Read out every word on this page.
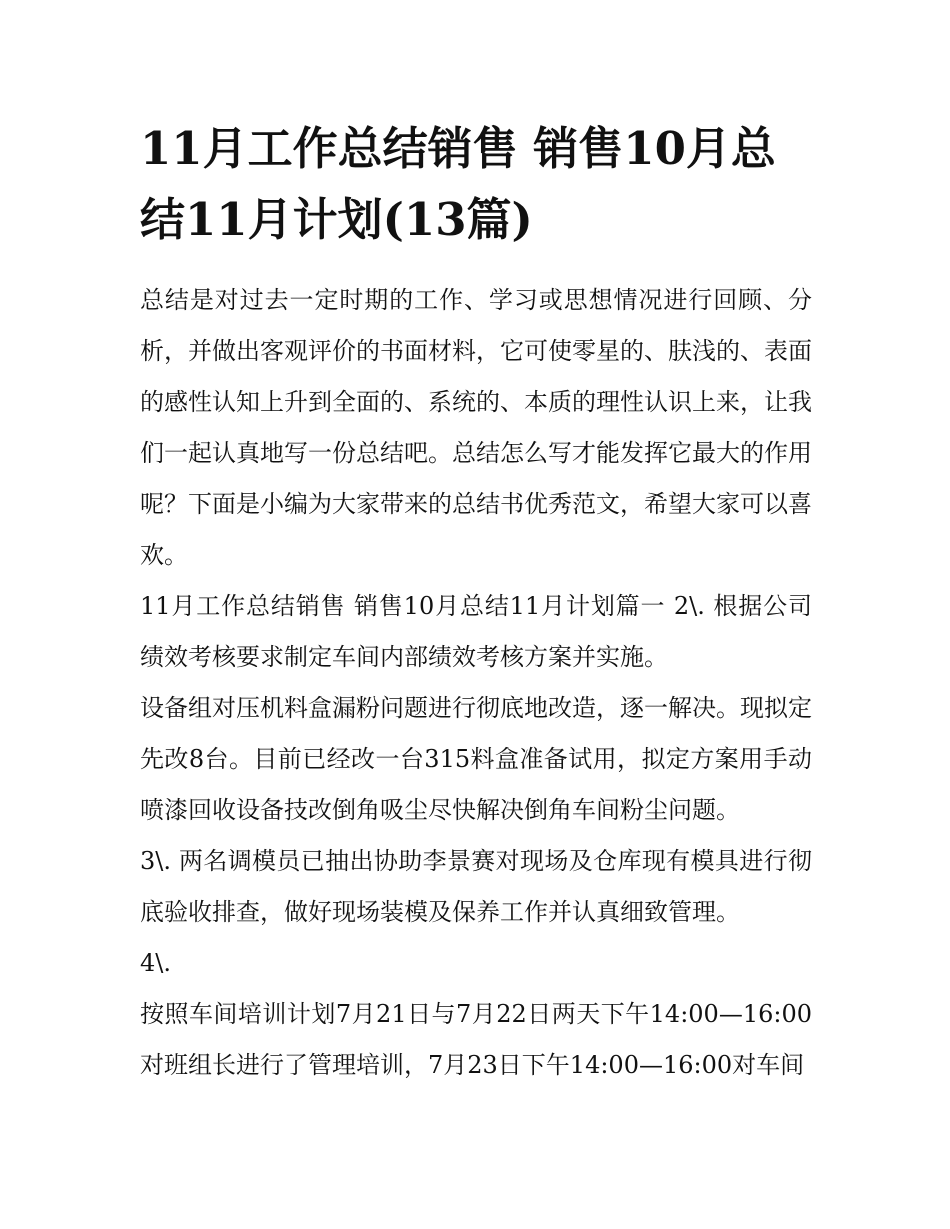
11月工作总结销售 销售10月总结11月计划(13篇)

总结是对过去一定时期的工作、学习或思想情况进行回顾、分析，并做出客观评价的书面材料，它可使零星的、肤浅的、表面的感性认知上升到全面的、系统的、本质的理性认识上来，让我们一起认真地写一份总结吧。总结怎么写才能发挥它最大的作用呢？下面是小编为大家带来的总结书优秀范文，希望大家可以喜欢。

11月工作总结销售 销售10月总结11月计划篇一 2\. 根据公司绩效考核要求制定车间内部绩效考核方案并实施。

设备组对压机料盒漏粉问题进行彻底地改造，逐一解决。现拟定先改8台。目前已经改一台315料盒准备试用，拟定方案用手动喷漆回收设备技改倒角吸尘尽快解决倒角车间粉尘问题。

3\. 两名调模员已抽出协助李景赛对现场及仓库现有模具进行彻底验收排查，做好现场装模及保养工作并认真细致管理。

4\.

按照车间培训计划7月21日与7月22日两天下午14:00—16:00对班组长进行了管理培训，7月23日下午14:00—16:00对车间
